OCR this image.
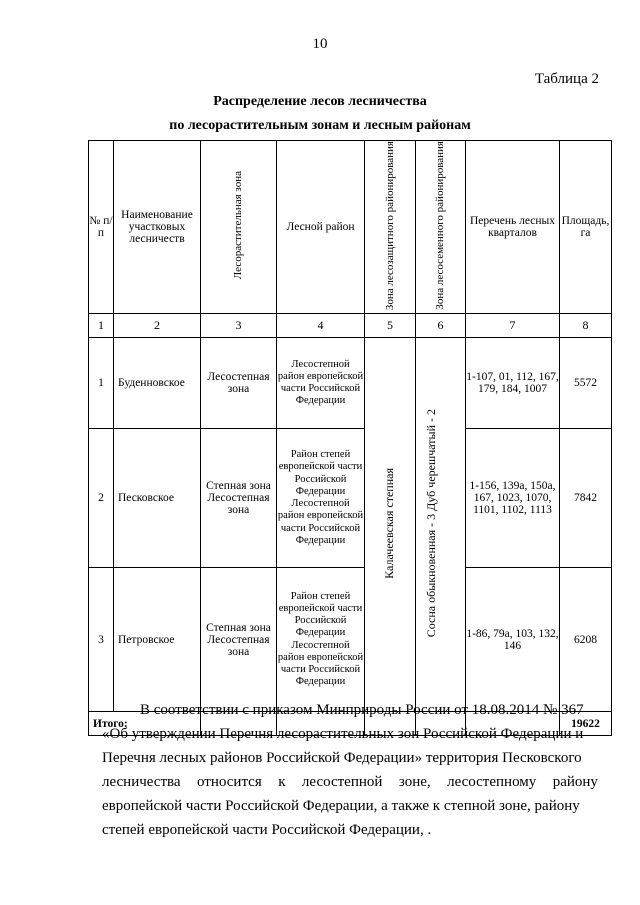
10
Таблица 2
Распределение лесов лесничества
по лесорастительным зонам и лесным районам
№ п/п	Наименование участковых лесничеств	Лесорастительная зона	Лесной район	Зона лесозащитного районирования	Зона лесосеменного районирования	Перечень лесных кварталов	Площадь, га
1	2	3	4	5	6	7	8
1	Буденновское	Лесостепная зона	Лесостепной район европейской части Российской Федерации	Калачеевская степная	Сосна обыкновенная - 3 Дуб черешчатый - 2	1-107, 01, 112, 167, 179, 184, 1007	5572
2	Песковское	Степная зона Лесостепная зона	Район степей европейской части Российской Федерации Лесостепной район европейской части Российской Федерации			1-156, 139а, 150а, 167, 1023, 1070, 1101, 1102, 1113	7842
3	Петровское	Степная зона Лесостепная зона	Район степей европейской части Российской Федерации Лесостепной район европейской части Российской Федерации			1-86, 79а, 103, 132, 146	6208
Итого:							19622
В соответствии с приказом Минприроды России от 18.08.2014 № 367
«Об утверждении Перечня лесорастительных зон Российской Федерации и
Перечня лесных районов Российской Федерации» территория Песковского
лесничества относится к лесостепной зоне, лесостепному району
европейской части Российской Федерации, а также к степной зоне, району
степей европейской части Российской Федерации, .
